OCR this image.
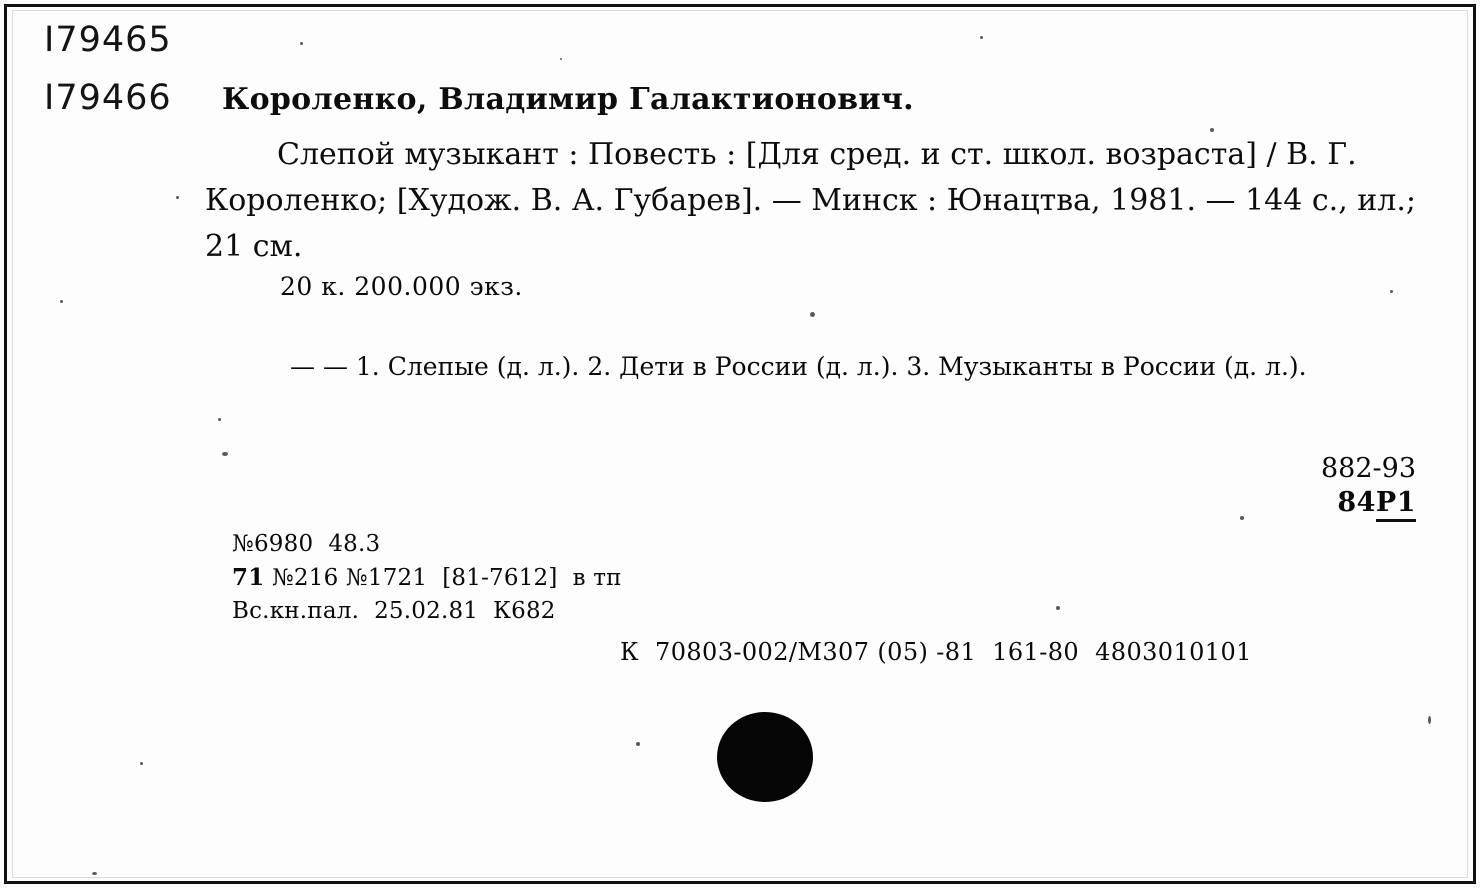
I79465
I79466 Короленко, Владимир Галактионович.
Слепой музыкант : Повесть : [Для сред. и ст. школ. возраста] / В. Г. Короленко; [Худож. В. А. Губарев]. — Минск : Юнацтва, 1981. — 144 с., ил.; 21 см.
20 к. 200.000 экз.
— — 1. Слепые (д. л.). 2. Дети в России (д. л.). 3. Музыканты в России (д. л.).
882-93
84Р1
№6980  48.3
71 №216 №1721  [81-7612]  в тп
Вс.кн.пал.  25.02.81  К682
К  70803-002/М307 (05) -81  161-80  4803010101
